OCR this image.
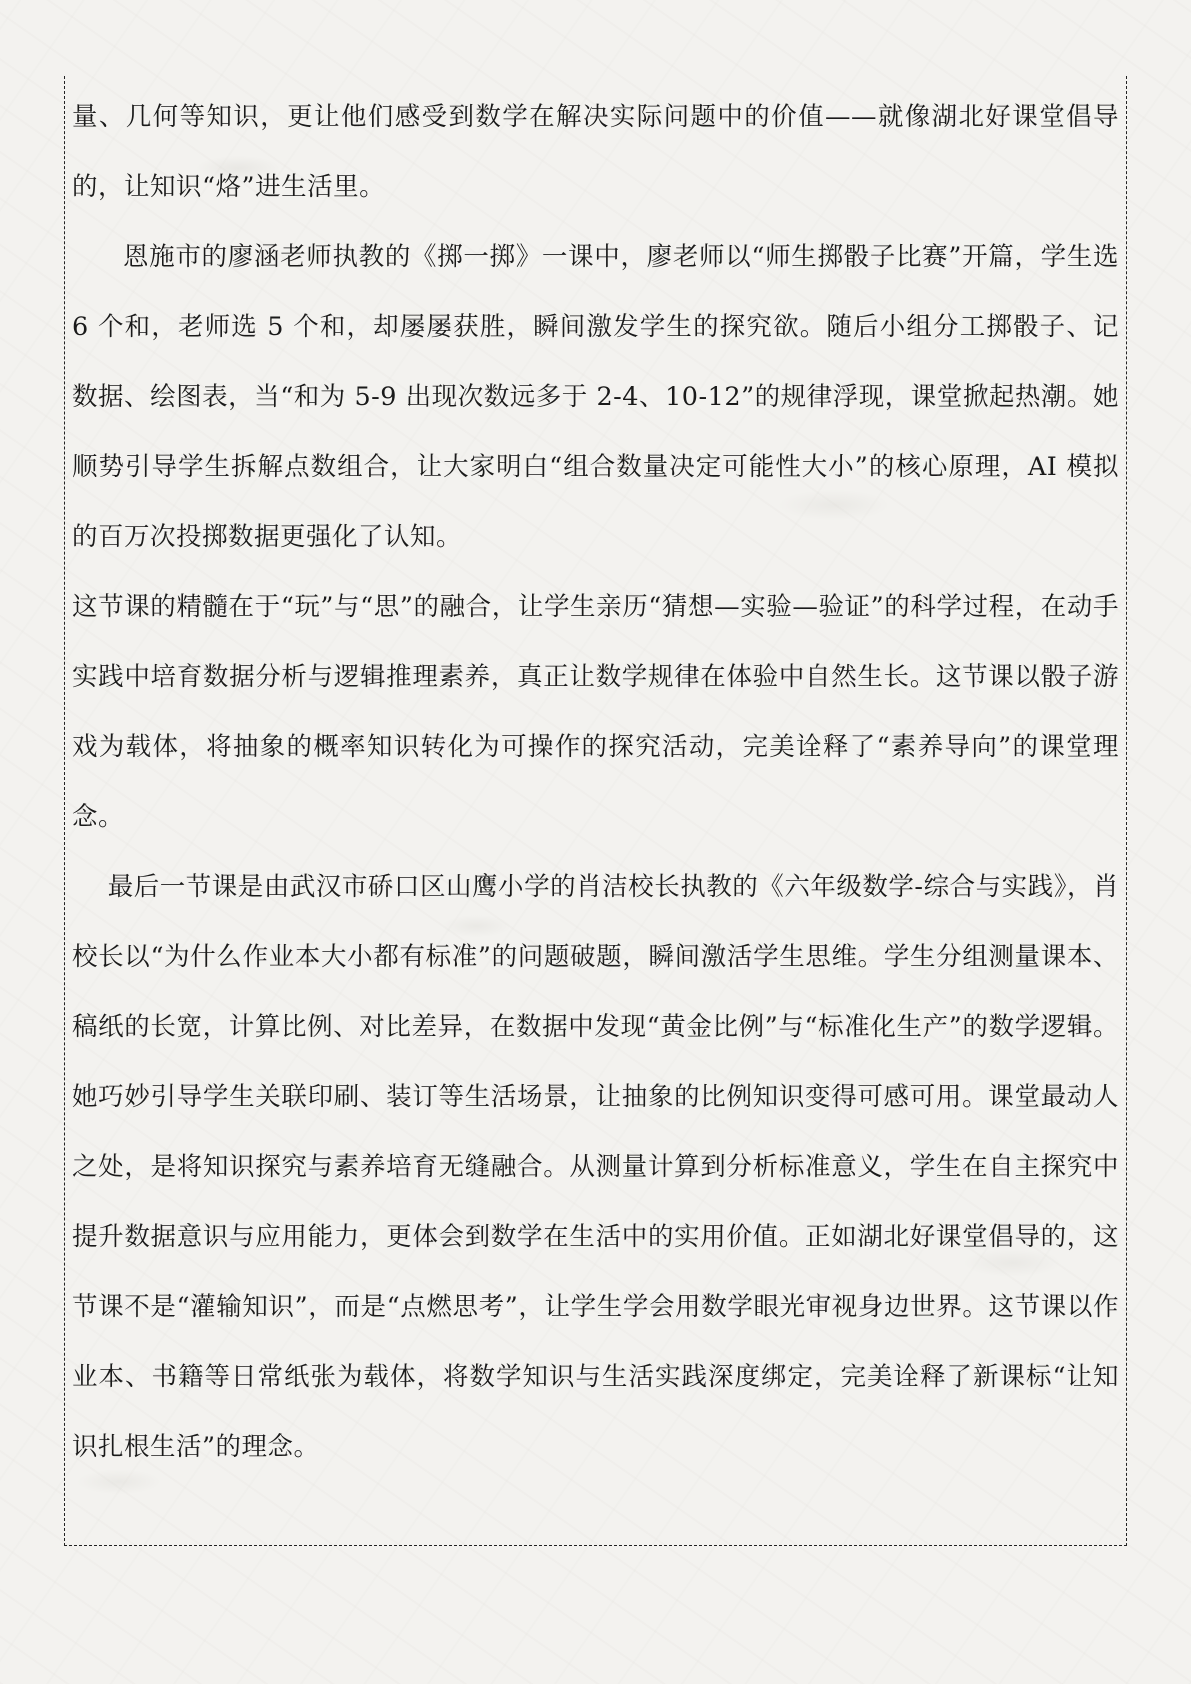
量、几何等知识，更让他们感受到数学在解决实际问题中的价值——就像湖北好课堂倡导的，让知识“烙”进生活里。

恩施市的廖涵老师执教的《掷一掷》一课中，廖老师以“师生掷骰子比赛”开篇，学生选 6 个和，老师选 5 个和，却屡屡获胜，瞬间激发学生的探究欲。随后小组分工掷骰子、记数据、绘图表，当“和为 5-9 出现次数远多于 2-4、10-12”的规律浮现，课堂掀起热潮。她顺势引导学生拆解点数组合，让大家明白“组合数量决定可能性大小”的核心原理，AI 模拟的百万次投掷数据更强化了认知。

这节课的精髓在于“玩”与“思”的融合，让学生亲历“猜想—实验—验证”的科学过程，在动手实践中培育数据分析与逻辑推理素养，真正让数学规律在体验中自然生长。这节课以骰子游戏为载体，将抽象的概率知识转化为可操作的探究活动，完美诠释了“素养导向”的课堂理念。

最后一节课是由武汉市硚口区山鹰小学的肖洁校长执教的《六年级数学-综合与实践》，肖校长以“为什么作业本大小都有标准”的问题破题，瞬间激活学生思维。学生分组测量课本、稿纸的长宽，计算比例、对比差异，在数据中发现“黄金比例”与“标准化生产”的数学逻辑。她巧妙引导学生关联印刷、装订等生活场景，让抽象的比例知识变得可感可用。课堂最动人之处，是将知识探究与素养培育无缝融合。从测量计算到分析标准意义，学生在自主探究中提升数据意识与应用能力，更体会到数学在生活中的实用价值。正如湖北好课堂倡导的，这节课不是“灌输知识”，而是“点燃思考”，让学生学会用数学眼光审视身边世界。这节课以作业本、书籍等日常纸张为载体，将数学知识与生活实践深度绑定，完美诠释了新课标“让知识扎根生活”的理念。
